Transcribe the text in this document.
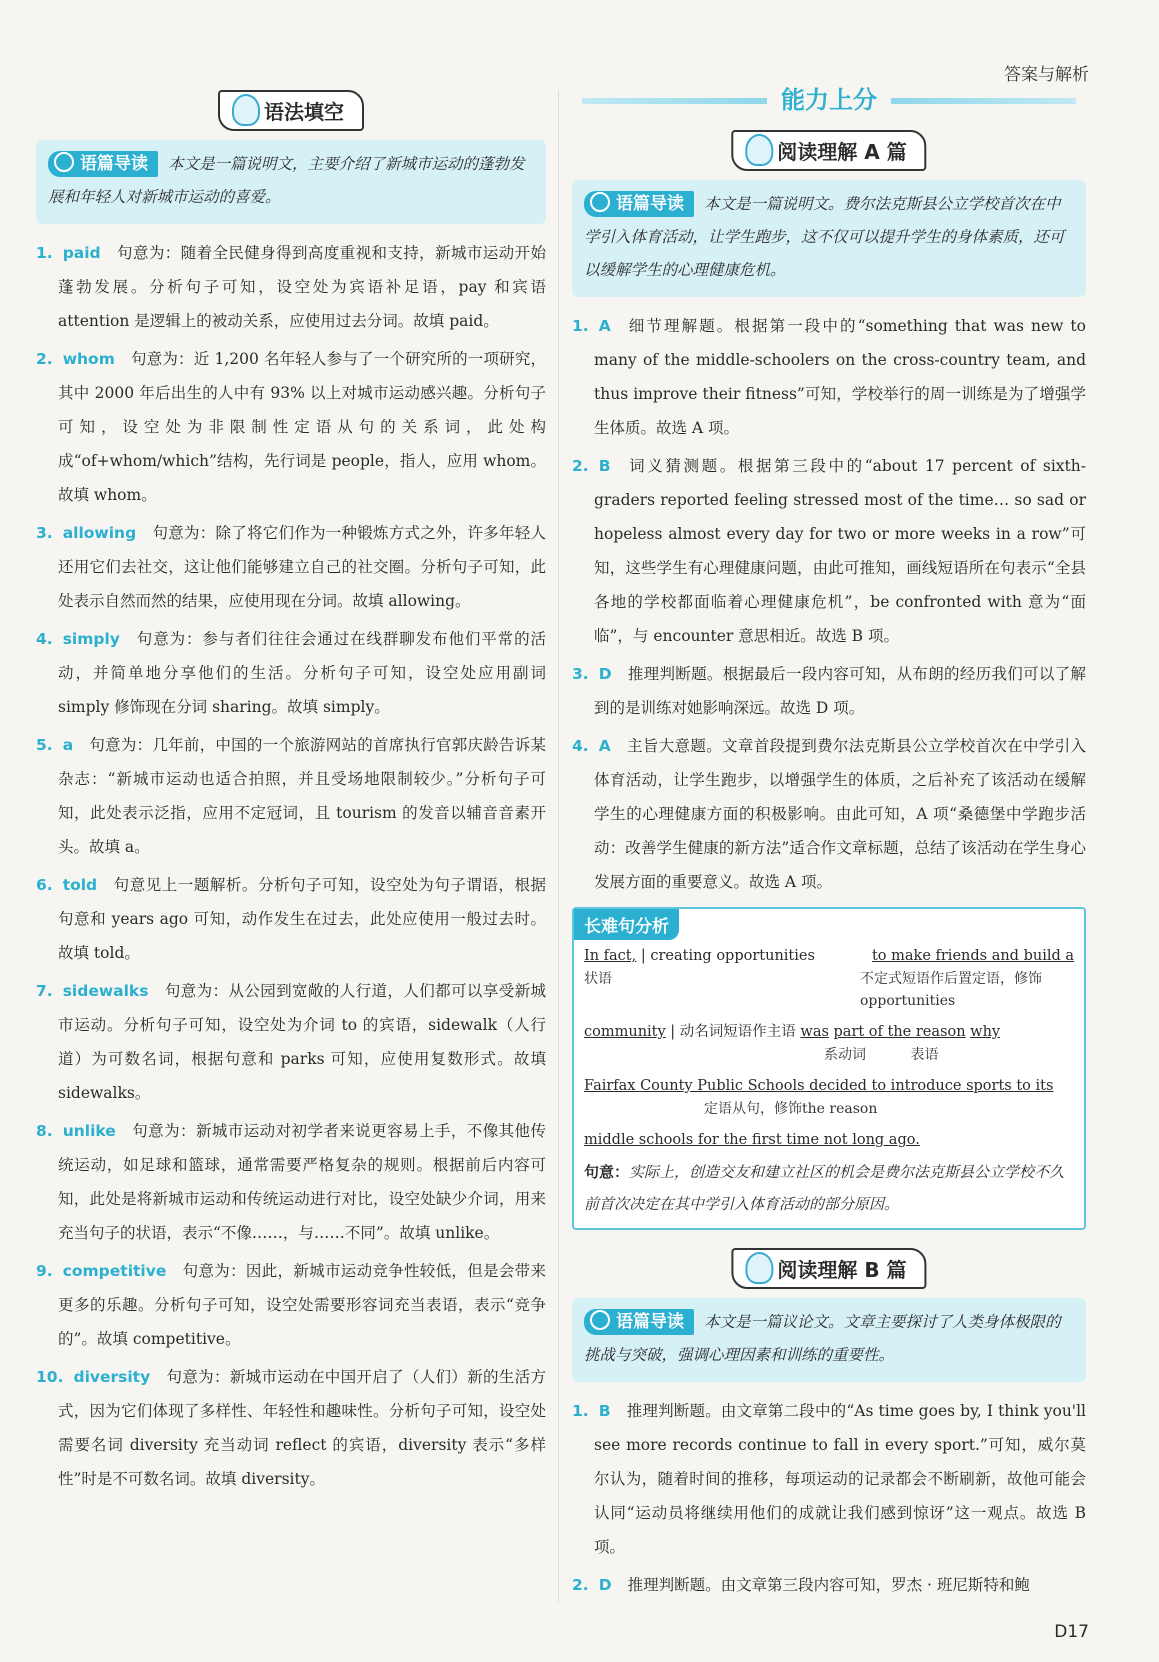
答案与解析
语法填空
语篇导读 本文是一篇说明文，主要介绍了新城市运动的蓬勃发展和年轻人对新城市运动的喜爱。
1. paid 句意为：随着全民健身得到高度重视和支持，新城市运动开始蓬勃发展。分析句子可知，设空处为宾语补足语，pay 和宾语 attention 是逻辑上的被动关系，应使用过去分词。故填 paid。
2. whom 句意为：近 1,200 名年轻人参与了一个研究所的一项研究，其中 2000 年后出生的人中有 93% 以上对城市运动感兴趣。分析句子可知，设空处为非限制性定语从句的关系词，此处构成“of+whom/which”结构，先行词是 people，指人，应用 whom。故填 whom。
3. allowing 句意为：除了将它们作为一种锻炼方式之外，许多年轻人还用它们去社交，这让他们能够建立自己的社交圈。分析句子可知，此处表示自然而然的结果，应使用现在分词。故填 allowing。
4. simply 句意为：参与者们往往会通过在线群聊发布他们平常的活动，并简单地分享他们的生活。分析句子可知，设空处应用副词 simply 修饰现在分词 sharing。故填 simply。
5. a 句意为：几年前，中国的一个旅游网站的首席执行官郭庆龄告诉某杂志：“新城市运动也适合拍照，并且受场地限制较少。”分析句子可知，此处表示泛指，应用不定冠词，且 tourism 的发音以辅音音素开头。故填 a。
6. told 句意见上一题解析。分析句子可知，设空处为句子谓语，根据句意和 years ago 可知，动作发生在过去，此处应使用一般过去时。故填 told。
7. sidewalks 句意为：从公园到宽敞的人行道，人们都可以享受新城市运动。分析句子可知，设空处为介词 to 的宾语，sidewalk（人行道）为可数名词，根据句意和 parks 可知，应使用复数形式。故填 sidewalks。
8. unlike 句意为：新城市运动对初学者来说更容易上手，不像其他传统运动，如足球和篮球，通常需要严格复杂的规则。根据前后内容可知，此处是将新城市运动和传统运动进行对比，设空处缺少介词，用来充当句子的状语，表示“不像……，与……不同”。故填 unlike。
9. competitive 句意为：因此，新城市运动竞争性较低，但是会带来更多的乐趣。分析句子可知，设空处需要形容词充当表语，表示“竞争的”。故填 competitive。
10. diversity 句意为：新城市运动在中国开启了（人们）新的生活方式，因为它们体现了多样性、年轻性和趣味性。分析句子可知，设空处需要名词 diversity 充当动词 reflect 的宾语，diversity 表示“多样性”时是不可数名词。故填 diversity。
能力上分
阅读理解 A 篇
语篇导读 本文是一篇说明文。费尔法克斯县公立学校首次在中学引入体育活动，让学生跑步，这不仅可以提升学生的身体素质，还可以缓解学生的心理健康危机。
1. A 细节理解题。根据第一段中的“something that was new to many of the middle-schoolers on the cross-country team, and thus improve their fitness”可知，学校举行的周一训练是为了增强学生体质。故选 A 项。
2. B 词义猜测题。根据第三段中的“about 17 percent of sixth-graders reported feeling stressed most of the time… so sad or hopeless almost every day for two or more weeks in a row”可知，这些学生有心理健康问题，由此可推知，画线短语所在句表示“全县各地的学校都面临着心理健康危机”，be confronted with 意为“面临”，与 encounter 意思相近。故选 B 项。
3. D 推理判断题。根据最后一段内容可知，从布朗的经历我们可以了解到的是训练对她影响深远。故选 D 项。
4. A 主旨大意题。文章首段提到费尔法克斯县公立学校首次在中学引入体育活动，让学生跑步，以增强学生的体质，之后补充了该活动在缓解学生的心理健康方面的积极影响。由此可知，A 项“桑德堡中学跑步活动：改善学生健康的新方法”适合作文章标题，总结了该活动在学生身心发展方面的重要意义。故选 A 项。
长难句分析
In fact, | creating opportunities	to make friends and build a
状语	不定式短语作后置定语，修饰 opportunities
community | 动名词短语作主语 was part of the reason why
系动词	表语
Fairfax County Public Schools decided to introduce sports to its
定语从句，修饰the reason
middle schools for the first time not long ago.
句意：实际上，创造交友和建立社区的机会是费尔法克斯县公立学校不久前首次决定在其中学引入体育活动的部分原因。
阅读理解 B 篇
语篇导读 本文是一篇议论文。文章主要探讨了人类身体极限的挑战与突破，强调心理因素和训练的重要性。
1. B 推理判断题。由文章第二段中的“As time goes by, I think you'll see more records continue to fall in every sport.”可知，威尔莫尔认为，随着时间的推移，每项运动的记录都会不断刷新，故他可能会认同“运动员将继续用他们的成就让我们感到惊讶”这一观点。故选 B 项。
2. D 推理判断题。由文章第三段内容可知，罗杰 · 班尼斯特和鲍
D17
